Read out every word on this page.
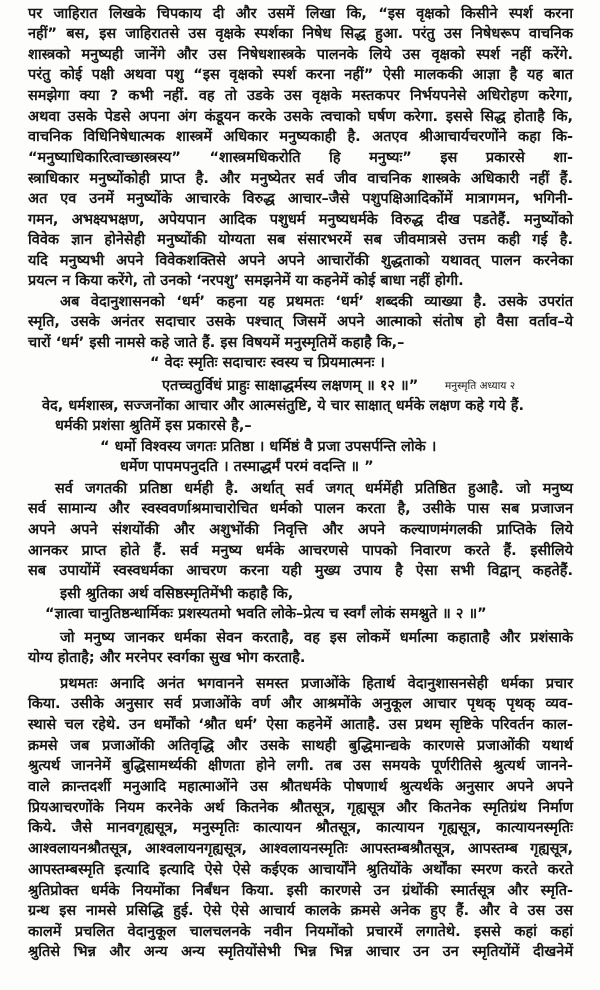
पर जाहिरात लिखके चिपकाय दी और उसमें लिखा कि, “इस वृक्षको किसीने स्पर्श करना
नहीं” बस, इस जाहिरातसे उस वृक्षके स्पर्शका निषेध सिद्ध हुआ. परंतु उस निषेधरूप वाचनिक
शास्त्रको मनुष्यही जानेंगे और उस निषेधशास्त्रके पालनके लिये उस वृक्षको स्पर्श नहीं करेंगे.
परंतु कोई पक्षी अथवा पशु “इस वृक्षको स्पर्श करना नहीं” ऐसी मालककी आज्ञा है यह बात
समझेगा क्या ? कभी नहीं. वह तो उडके उस वृक्षके मस्तकपर निर्भयपनेसे अधिरोहण करेगा,
अथवा उसके पेडसे अपना अंग कंडूयन करके उसके त्वचाको घर्षण करेगा. इससे सिद्ध होताहै कि,
वाचनिक विधिनिषेधात्मक शास्त्रमें अधिकार मनुष्यकाही है. अतएव श्रीआचार्यचरणोंने कहा कि-
“मनुष्याधिकारित्वाच्छास्त्रस्य” “शास्त्रमधिकरोति हि मनुष्यः” इस प्रकारसे शा-
स्त्राधिकार मनुष्योंकोही प्राप्त है. और मनुष्येतर सर्व जीव वाचनिक शास्त्रके अधिकारी नहीं हैं.
अत एव उनमें मनुष्योंके आचारके विरुद्ध आचार–जैसे पशुपक्षिआदिकोंमें मात्रागमन, भगिनी-
गमन, अभक्ष्यभक्षण, अपेयपान आदिक पशुधर्म मनुष्यधर्मके विरुद्ध दीख पडतेहैं. मनुष्योंको
विवेक ज्ञान होनेसेही मनुष्योंकी योग्यता सब संसारभरमें सब जीवमात्रसे उत्तम कही गई है.
यदि मनुष्यभी अपने विवेकशक्तिसे अपने अपने आचारोंकी शुद्धताको यथावत् पालन करनेका
प्रयत्न न किया करेंगे, तो उनको ‘नरपशु’ समझनेमें या कहनेमें कोई बाधा नहीं होगी.
अब वेदानुशासनको ‘धर्म’ कहना यह प्रथमतः ‘धर्म’ शब्दकी व्याख्या है. उसके उपरांत
स्मृति, उसके अनंतर सदाचार उसके पश्चात् जिसमें अपने आत्माको संतोष हो वैसा वर्ताव–ये
चारों ‘धर्म’ इसी नामसे कहे जाते हैं. इस विषयमें मनुस्मृतिमें कहाहै कि,–
“ वेदः स्मृतिः सदाचारः स्वस्य च प्रियमात्मनः ।
एतच्चतुर्विधं प्राहुः साक्षाद्धर्मस्य लक्षणम् ॥ १२ ॥”	मनुस्मृति अध्याय २
वेद, धर्मशास्त्र, सज्जनोंका आचार और आत्मसंतुष्टि, ये चार साक्षात् धर्मके लक्षण कहे गये हैं.
धर्मकी प्रशंसा श्रुतिमें इस प्रकारसे है,–
“ धर्मो विश्वस्य जगतः प्रतिष्ठा । धर्मिष्ठं वै प्रजा उपसर्पन्ति लोके ।
धर्मेण पापमपनुदति । तस्माद्धर्मं परमं वदन्ति ॥ ”
सर्व जगतकी प्रतिष्ठा धर्मही है. अर्थात् सर्व जगत् धर्ममेंही प्रतिष्ठित हुआहै. जो मनुष्य
सर्व सामान्य और स्वस्ववर्णाश्रमाचारोचित धर्मको पालन करता है, उसीके पास सब प्रजाजन
अपने अपने संशयोंकी और अशुभोंकी निवृत्ति और अपने कल्याणमंगलकी प्राप्तिके लिये
आनकर प्राप्त होते हैं. सर्व मनुष्य धर्मके आचरणसे पापको निवारण करते हैं. इसीलिये
सब उपायोंमें स्वस्वधर्मका आचरण करना यही मुख्य उपाय है ऐसा सभी विद्वान् कहतेहैं.
इसी श्रुतिका अर्थ वसिष्ठस्मृतिमेंभी कहाहै कि,
“ज्ञात्वा चानुतिष्ठन्धार्मिकः प्रशस्यतमो भवति लोके–प्रेत्य च स्वर्गं लोकं समश्नुते ॥ २ ॥”
जो मनुष्य जानकर धर्मका सेवन करताहै, वह इस लोकमें धर्मात्मा कहाताहै और प्रशंसाके
योग्य होताहै; और मरनेपर स्वर्गका सुख भोग करताहै.
प्रथमतः अनादि अनंत भगवानने समस्त प्रजाओंके हितार्थ वेदानुशासनसेही धर्मका प्रचार
किया. उसीके अनुसार सर्व प्रजाओंके वर्ण और आश्रमोंके अनुकूल आचार पृथक् पृथक् व्यव-
स्थासे चल रहेथे. उन धर्मोंको ‘श्रौत धर्म’ ऐसा कहनेमें आताहै. उस प्रथम सृष्टिके परिवर्तन काल-
क्रमसे जब प्रजाओंकी अतिवृद्धि और उसके साथही बुद्धिमान्द्यके कारणसे प्रजाओंकी यथार्थ
श्रुत्यर्थ जाननेमें बुद्धिसामर्थ्यकी क्षीणता होने लगी. तब उस समयके पूर्णरीतिसे श्रुत्यर्थ जानने-
वाले क्रान्तदर्शी मनुआदि महात्माओंने उस श्रौतधर्मके पोषणार्थ श्रुत्यर्थके अनुसार अपने अपने
प्रियआचरणोंके नियम करनेके अर्थ कितनेक श्रौतसूत्र, गृह्यसूत्र और कितनेक स्मृतिग्रंथ निर्माण
किये. जैसे मानवगृह्यसूत्र, मनुस्मृतिः कात्यायन श्रौतसूत्र, कात्यायन गृह्यसूत्र, कात्यायनस्मृतिः
आश्वलायनश्रौतसूत्र, आश्वलायनगृह्यसूत्र, आश्वलायनस्मृतिः आपस्तम्बश्रौतसूत्र, आपस्तम्ब गृह्यसूत्र,
आपस्तम्बस्मृति इत्यादि इत्यादि ऐसे ऐसे कईएक आचार्योंने श्रुतियोंके अर्थोंका स्मरण करते करते
श्रुतिप्रोक्त धर्मके नियमोंका निर्बंधन किया. इसी कारणसे उन ग्रंथोंकी स्मार्तसूत्र और स्मृति-
ग्रन्थ इस नामसे प्रसिद्धि हुई. ऐसे ऐसे आचार्य कालके क्रमसे अनेक हुए हैं. और वे उस उस
कालमें प्रचलित वेदानुकूल चालचलनके नवीन नियमोंको प्रचारमें लगातेथे. इससे कहां कहां
श्रुतिसे भिन्न और अन्य अन्य स्मृतियोंसेभी भिन्न भिन्न आचार उन उन स्मृतियोंमें दीखनेमें
